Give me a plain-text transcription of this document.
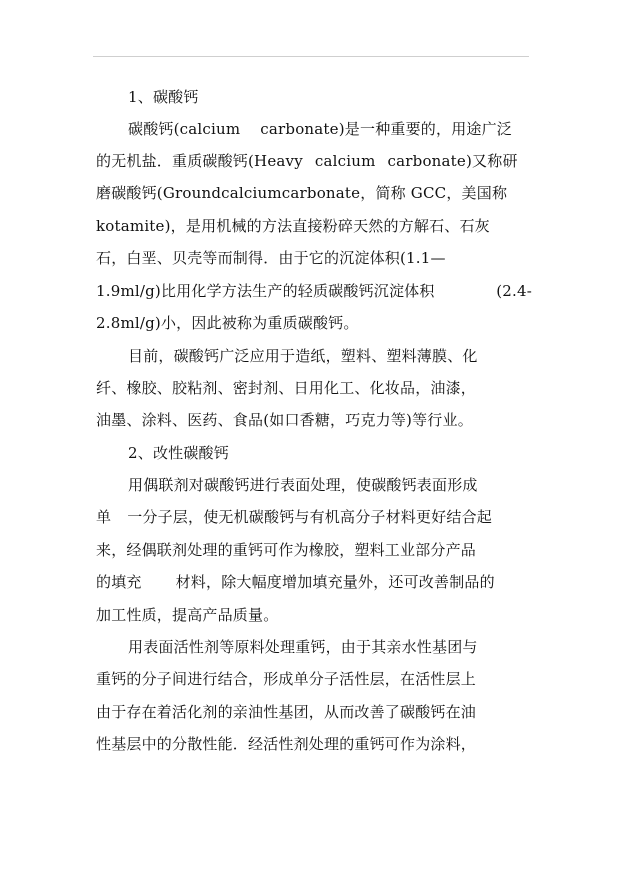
1、碳酸钙
碳酸钙(calcium carbonate)是一种重要的，用途广泛
的无机盐．重质碳酸钙(Heavy calcium carbonate)又称研
磨碳酸钙(Groundcalciumcarbonate，简称 GCC，美国称
kotamite)，是用机械的方法直接粉碎天然的方解石、石灰
石，白垩、贝壳等而制得．由于它的沉淀体积(1.1—
1.9ml/g)比用化学方法生产的轻质碳酸钙沉淀体积	(2.4-
2.8ml/g)小，因此被称为重质碳酸钙。
目前，碳酸钙广泛应用于造纸，塑料、塑料薄膜、化
纤、橡胶、胶粘剂、密封剂、日用化工、化妆品，油漆，
油墨、涂料、医药、食品(如口香糖，巧克力等)等行业。
2、改性碳酸钙
用偶联剂对碳酸钙进行表面处理，使碳酸钙表面形成
单 一分子层，使无机碳酸钙与有机高分子材料更好结合起
来，经偶联剂处理的重钙可作为橡胶，塑料工业部分产品
的填充 材料，除大幅度增加填充量外，还可改善制品的
加工性质，提高产品质量。
用表面活性剂等原料处理重钙，由于其亲水性基团与
重钙的分子间进行结合，形成单分子活性层，在活性层上
由于存在着活化剂的亲油性基团，从而改善了碳酸钙在油
性基层中的分散性能．经活性剂处理的重钙可作为涂料，
